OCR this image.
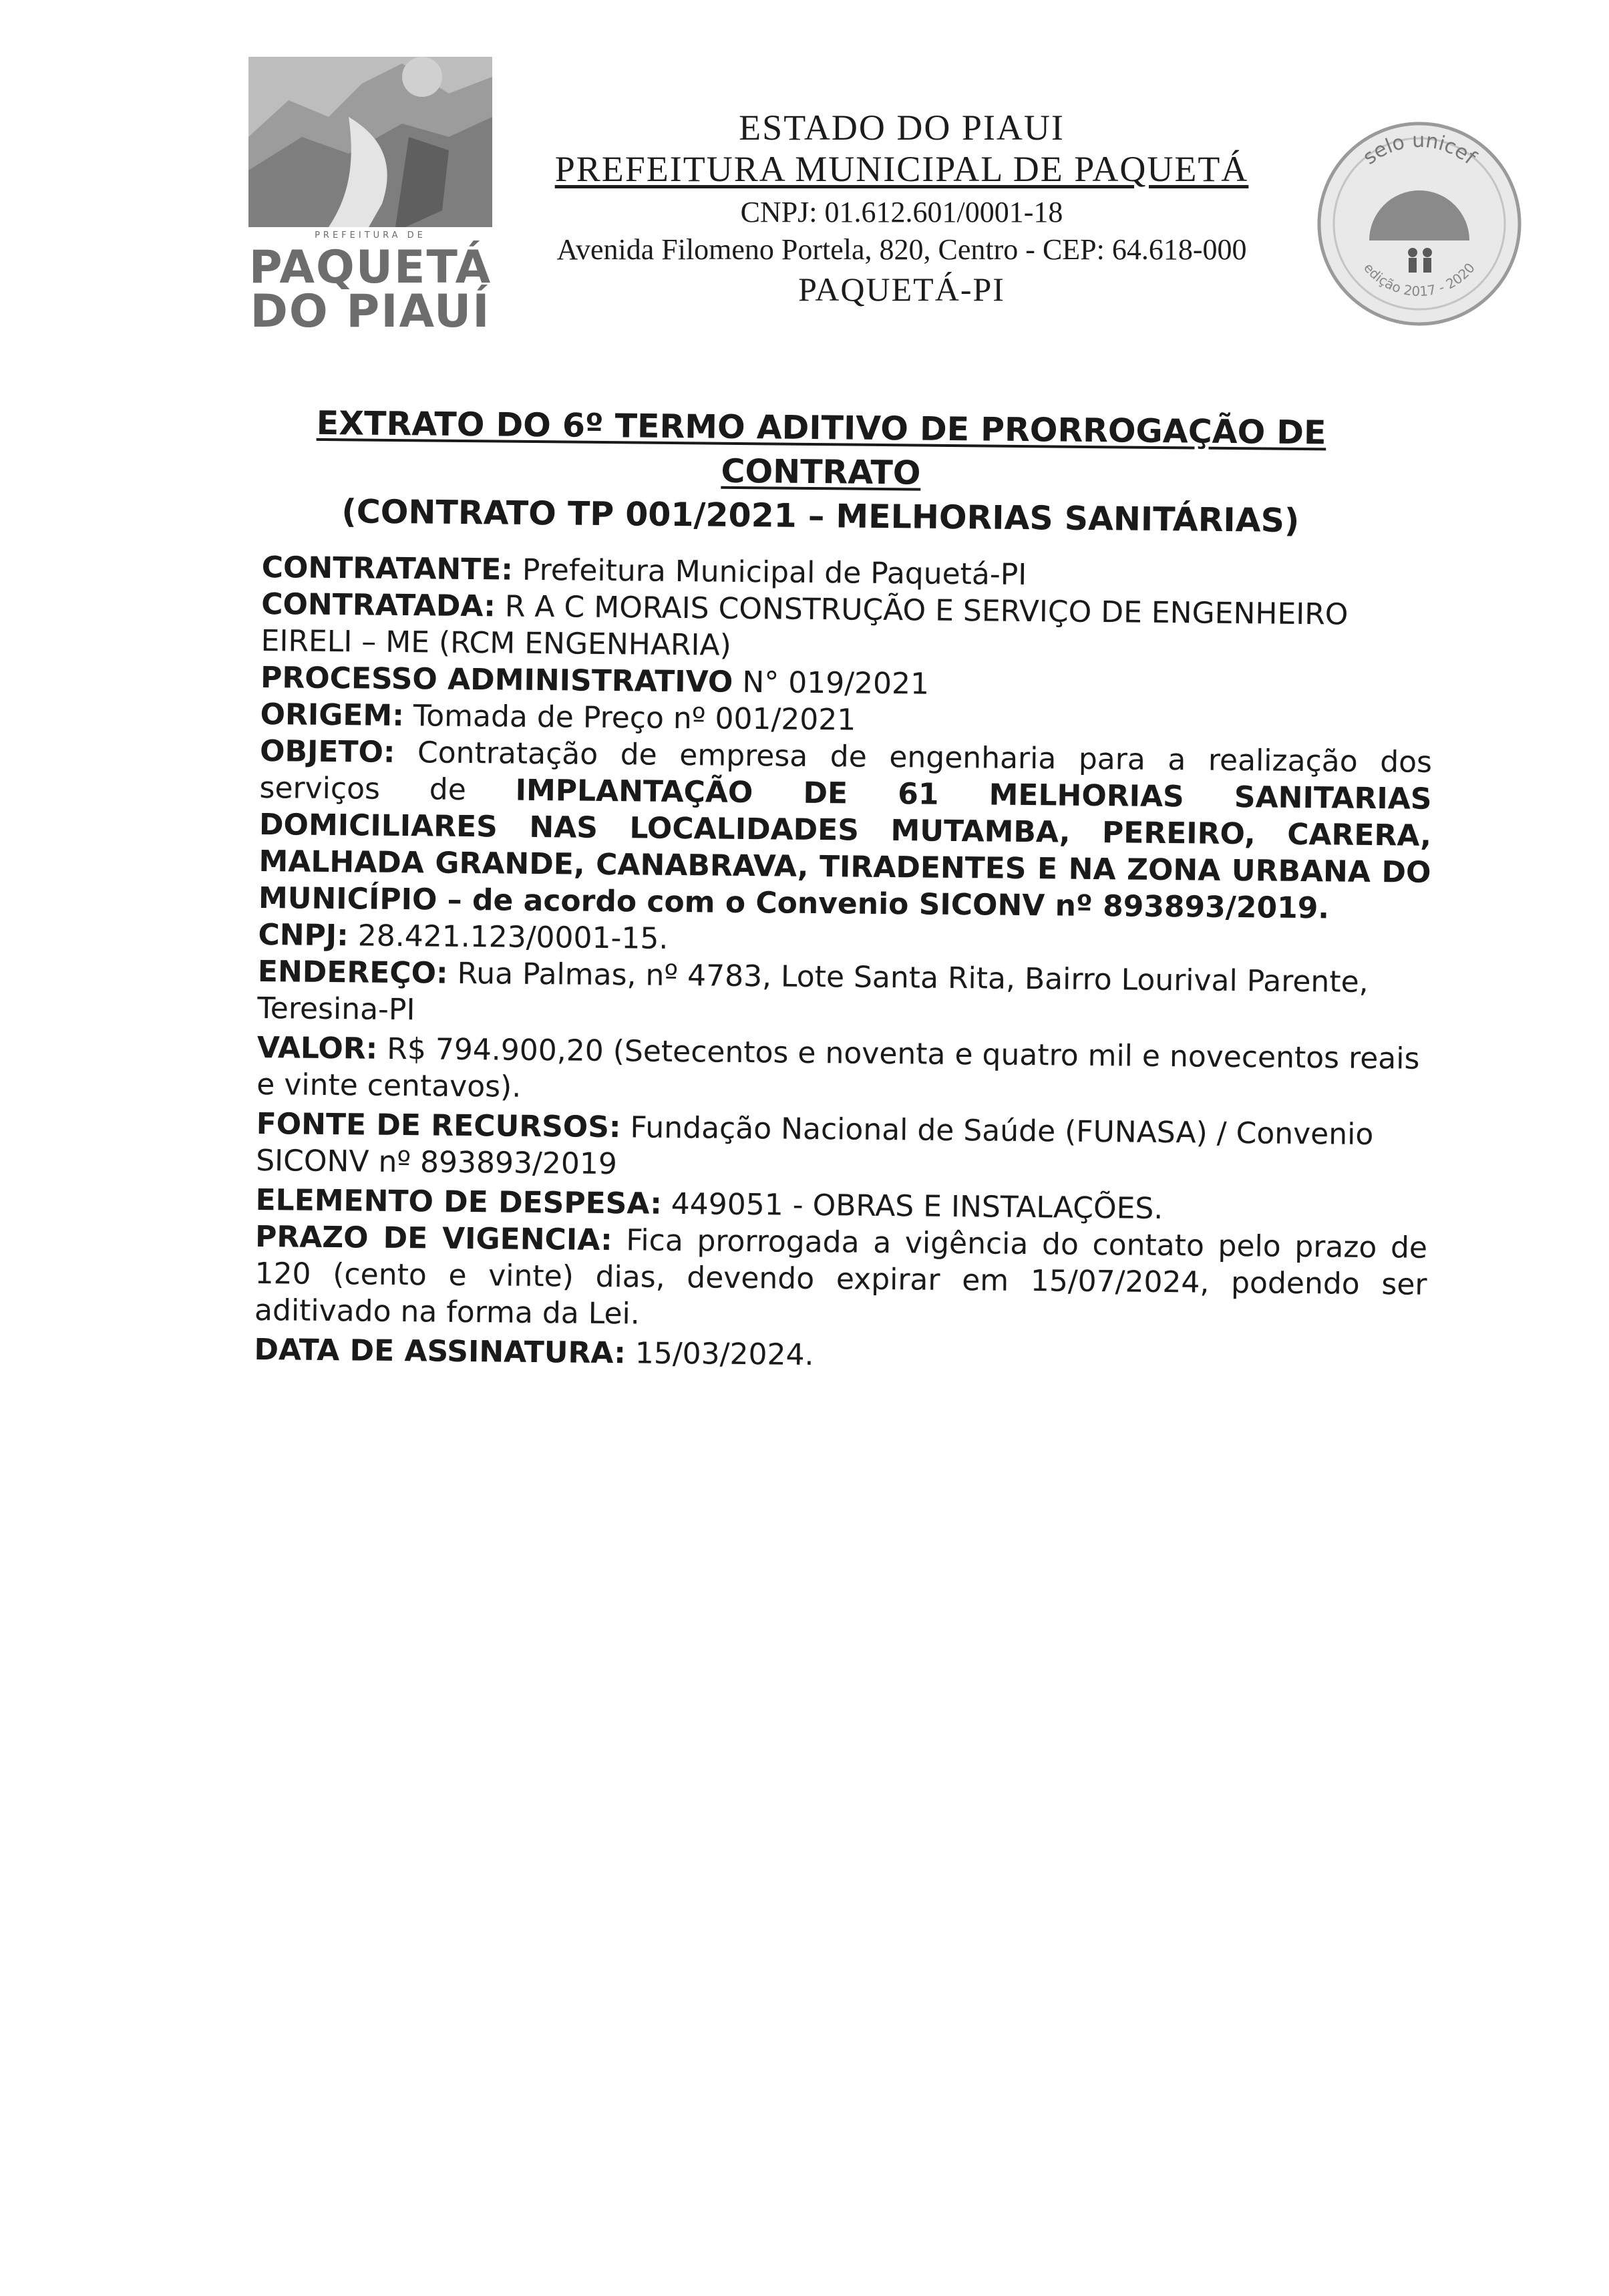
PREFEITURA DE
PAQUETÁ
DO PIAUÍ
ESTADO DO PIAUI
PREFEITURA MUNICIPAL DE PAQUETÁ
CNPJ: 01.612.601/0001-18
Avenida Filomeno Portela, 820, Centro - CEP: 64.618-000
PAQUETÁ-PI
selo unicef
edição 2017 - 2020
EXTRATO DO 6º TERMO ADITIVO DE PRORROGAÇÃO DE CONTRATO
(CONTRATO TP 001/2021 – MELHORIAS SANITÁRIAS)

CONTRATANTE: Prefeitura Municipal de Paquetá-PI

CONTRATADA: R A C MORAIS CONSTRUÇÃO E SERVIÇO DE ENGENHEIRO EIRELI – ME (RCM ENGENHARIA)

PROCESSO ADMINISTRATIVO N° 019/2021

ORIGEM: Tomada de Preço nº 001/2021

OBJETO: Contratação de empresa de engenharia para a realização dos serviços de IMPLANTAÇÃO DE 61 MELHORIAS SANITARIAS DOMICILIARES NAS LOCALIDADES MUTAMBA, PEREIRO, CARERA, MALHADA GRANDE, CANABRAVA, TIRADENTES E NA ZONA URBANA DO MUNICÍPIO – de acordo com o Convenio SICONV nº 893893/2019.

CNPJ: 28.421.123/0001-15.

ENDEREÇO: Rua Palmas, nº 4783, Lote Santa Rita, Bairro Lourival Parente, Teresina-PI

VALOR: R$ 794.900,20 (Setecentos e noventa e quatro mil e novecentos reais e vinte centavos).

FONTE DE RECURSOS: Fundação Nacional de Saúde (FUNASA) / Convenio SICONV nº 893893/2019

ELEMENTO DE DESPESA: 449051 - OBRAS E INSTALAÇÕES.

PRAZO DE VIGENCIA: Fica prorrogada a vigência do contato pelo prazo de 120 (cento e vinte) dias, devendo expirar em 15/07/2024, podendo ser aditivado na forma da Lei.

DATA DE ASSINATURA: 15/03/2024.
